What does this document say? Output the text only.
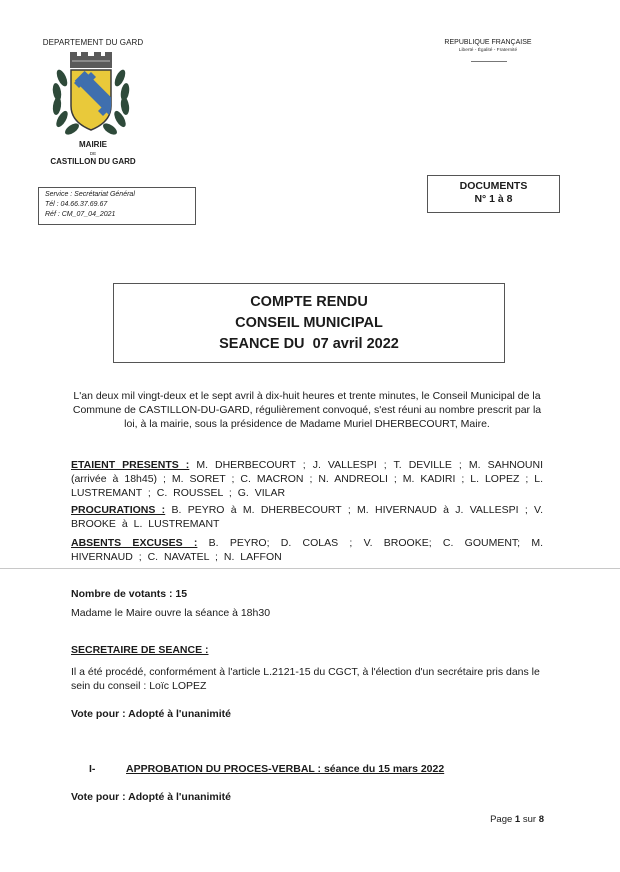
DEPARTEMENT DU GARD
MAIRIE
DE
CASTILLON DU GARD
REPUBLIQUE FRANÇAISE
Liberté - Égalité - Fraternité
Service : Secrétariat Général
Tél : 04.66.37.69.67
Réf : CM_07_04_2021
DOCUMENTS
N° 1 à 8
COMPTE RENDU
CONSEIL MUNICIPAL
SEANCE DU  07 avril 2022
L'an deux mil vingt-deux et le sept avril à dix-huit heures et trente minutes, le Conseil Municipal de la Commune de CASTILLON-DU-GARD, régulièrement convoqué, s'est réuni au nombre prescrit par la loi, à la mairie, sous la présidence de Madame Muriel DHERBECOURT, Maire.
ETAIENT PRESENTS : M. DHERBECOURT ; J. VALLESPI ; T. DEVILLE ; M. SAHNOUNI (arrivée à 18h45) ; M. SORET ; C. MACRON ; N. ANDREOLI ; M. KADIRI ; L. LOPEZ ; L. LUSTREMANT ; C. ROUSSEL ; G. VILAR
PROCURATIONS : B. PEYRO à M. DHERBECOURT ; M. HIVERNAUD à J. VALLESPI ; V. BROOKE à L. LUSTREMANT
ABSENTS EXCUSES : B. PEYRO; D. COLAS ; V. BROOKE; C. GOUMENT; M. HIVERNAUD ; C. NAVATEL ; N. LAFFON
Nombre de votants : 15
Madame le Maire ouvre la séance à 18h30
SECRETAIRE DE SEANCE :
Il a été procédé, conformément à l'article L.2121-15 du CGCT, à l'élection d'un secrétaire pris dans le sein du conseil : Loïc LOPEZ
Vote pour : Adopté à l'unanimité
I-	APPROBATION DU PROCES-VERBAL : séance du 15 mars 2022
Vote pour : Adopté à l'unanimité
Page 1 sur 8
